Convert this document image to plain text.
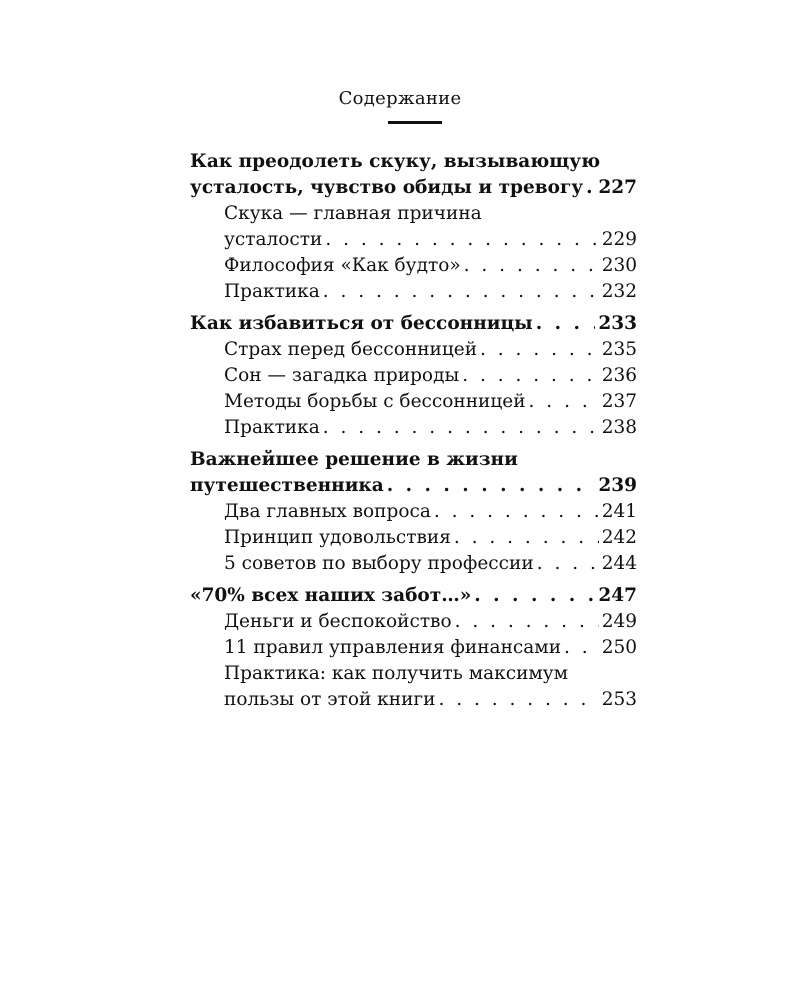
Содержание
Как преодолеть скуку, вызывающую
усталость, чувство обиды и тревогу . . . 227
Скука — главная причина
усталости . . .	229
Философия «Как будто» . . .	230
Практика . . .	232
Как избавиться от бессонницы . . .	233
Страх перед бессонницей . . .	235
Сон — загадка природы . . .	236
Методы борьбы с бессонницей . . .	237
Практика . . .	238
Важнейшее решение в жизни
путешественника . . .	239
Два главных вопроса . . .	241
Принцип удовольствия . . .	242
5 советов по выбору профессии . . .	244
«70% всех наших забот…» . . .	247
Деньги и беспокойство . . .	249
11 правил управления финансами . . . 250
Практика: как получить максимум
пользы от этой книги . . .	253
